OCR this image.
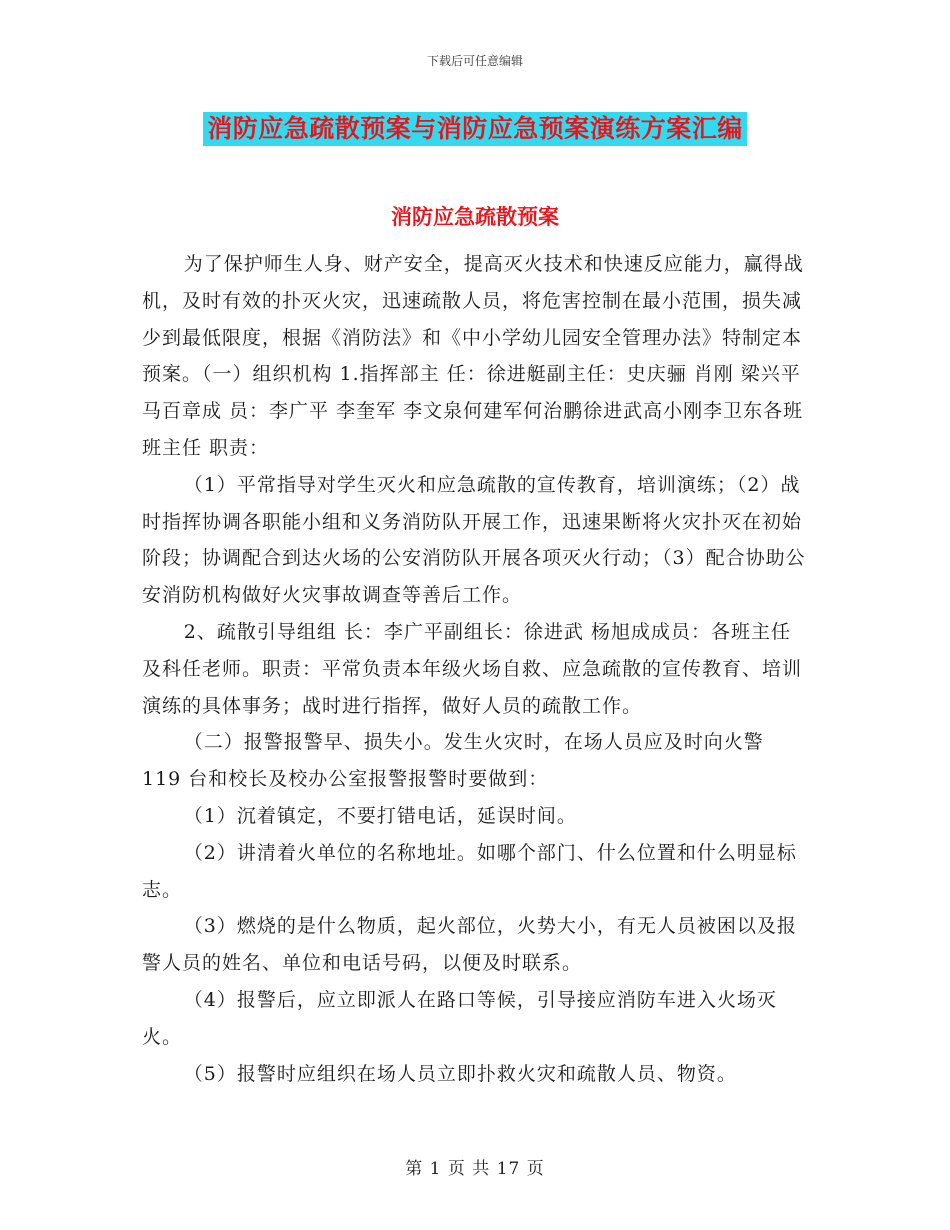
下载后可任意编辑
消防应急疏散预案与消防应急预案演练方案汇编
消防应急疏散预案

为了保护师生人身、财产安全，提高灭火技术和快速反应能力，赢得战机，及时有效的扑灭火灾，迅速疏散人员，将危害控制在最小范围，损失减少到最低限度，根据《消防法》和《中小学幼儿园安全管理办法》特制定本预案。（一）组织机构 1.指挥部主 任：徐进艇副主任：史庆骊 肖刚 梁兴平 马百章成 员：李广平 李奎军 李文泉何建军何治鹏徐进武高小刚李卫东各班班主任 职责：

（1）平常指导对学生灭火和应急疏散的宣传教育，培训演练；（2）战时指挥协调各职能小组和义务消防队开展工作，迅速果断将火灾扑灭在初始阶段；协调配合到达火场的公安消防队开展各项灭火行动；（3）配合协助公安消防机构做好火灾事故调查等善后工作。

2、疏散引导组组 长：李广平副组长：徐进武 杨旭成成员：各班主任及科任老师。职责：平常负责本年级火场自救、应急疏散的宣传教育、培训演练的具体事务；战时进行指挥，做好人员的疏散工作。

（二）报警报警早、损失小。发生火灾时，在场人员应及时向火警 119 台和校长及校办公室报警报警时要做到：

（1）沉着镇定，不要打错电话，延误时间。

（2）讲清着火单位的名称地址。如哪个部门、什么位置和什么明显标志。

（3）燃烧的是什么物质，起火部位，火势大小，有无人员被困以及报警人员的姓名、单位和电话号码，以便及时联系。

（4）报警后，应立即派人在路口等候，引导接应消防车进入火场灭火。

（5）报警时应组织在场人员立即扑救火灾和疏散人员、物资。

第 1 页 共 17 页
